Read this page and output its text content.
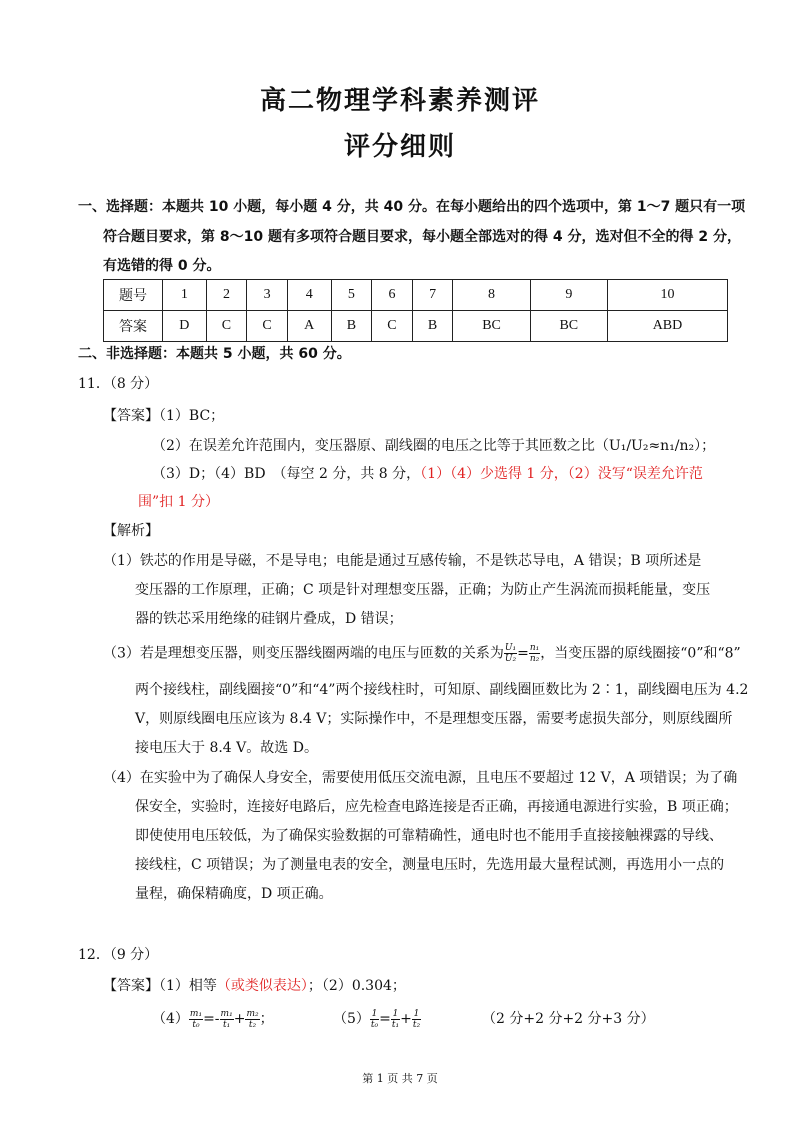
高二物理学科素养测评
评分细则
一、选择题：本题共 10 小题，每小题 4 分，共 40 分。在每小题给出的四个选项中，第 1～7 题只有一项
符合题目要求，第 8～10 题有多项符合题目要求，每小题全部选对的得 4 分，选对但不全的得 2 分，
有选错的得 0 分。
题号	1	2	3	4	5	6	7	8	9	10
答案	D	C	C	A	B	C	B	BC	BC	ABD
二、非选择题：本题共 5 小题，共 60 分。
11．（8 分）
【答案】（1）BC；
（2）在误差允许范围内，变压器原、副线圈的电压之比等于其匝数之比（U₁/U₂≈n₁/n₂）；
（3）D；（4）BD　（每空 2 分，共 8 分，（1）（4）少选得 1 分，（2）没写“误差允许范
围”扣 1 分）
【解析】
（1）铁芯的作用是导磁，不是导电；电能是通过互感传输，不是铁芯导电，A 错误；B 项所述是
变压器的工作原理，正确；C 项是针对理想变压器，正确；为防止产生涡流而损耗能量，变压
器的铁芯采用绝缘的硅钢片叠成，D 错误；
（3）若是理想变压器，则变压器线圈两端的电压与匝数的关系为 $\frac{\text{U₁}}{\text{U₂}} = \frac{\text{n₁}}{\text{n₂}}$ ，当变压器的原线圈接“0”和“8”
两个接线柱，副线圈接“0”和“4”两个接线柱时，可知原、副线圈匝数比为 2∶1，副线圈电压为 4.2
V，则原线圈电压应该为 8.4 V；实际操作中，不是理想变压器，需要考虑损失部分，则原线圈所
接电压大于 8.4 V。故选 D。
（4）在实验中为了确保人身安全，需要使用低压交流电源，且电压不要超过 12 V，A 项错误；为了确
保安全，实验时，连接好电路后，应先检查电路连接是否正确，再接通电源进行实验，B 项正确；
即使使用电压较低，为了确保实验数据的可靠精确性，通电时也不能用手直接接触裸露的导线、
接线柱，C 项错误；为了测量电表的安全，测量电压时，先选用最大量程试测，再选用小一点的
量程，确保精确度，D 项正确。
12．（9 分）
【答案】（1）相等（或类似表达）；（2）0.304；
$(4) \frac{\text{m₁}}{\text{t₀}} =- \frac{\text{m₁}}{\text{t₁}} + \frac{\text{m₂}}{\text{t₂}}$ ；	$(5) \frac{1}{\text{t₀}} = \frac{1}{\text{t₁}} + \frac{1}{\text{t₂}}$	（2 分+2 分+2 分+3 分）
第 1 页 共 7 页
